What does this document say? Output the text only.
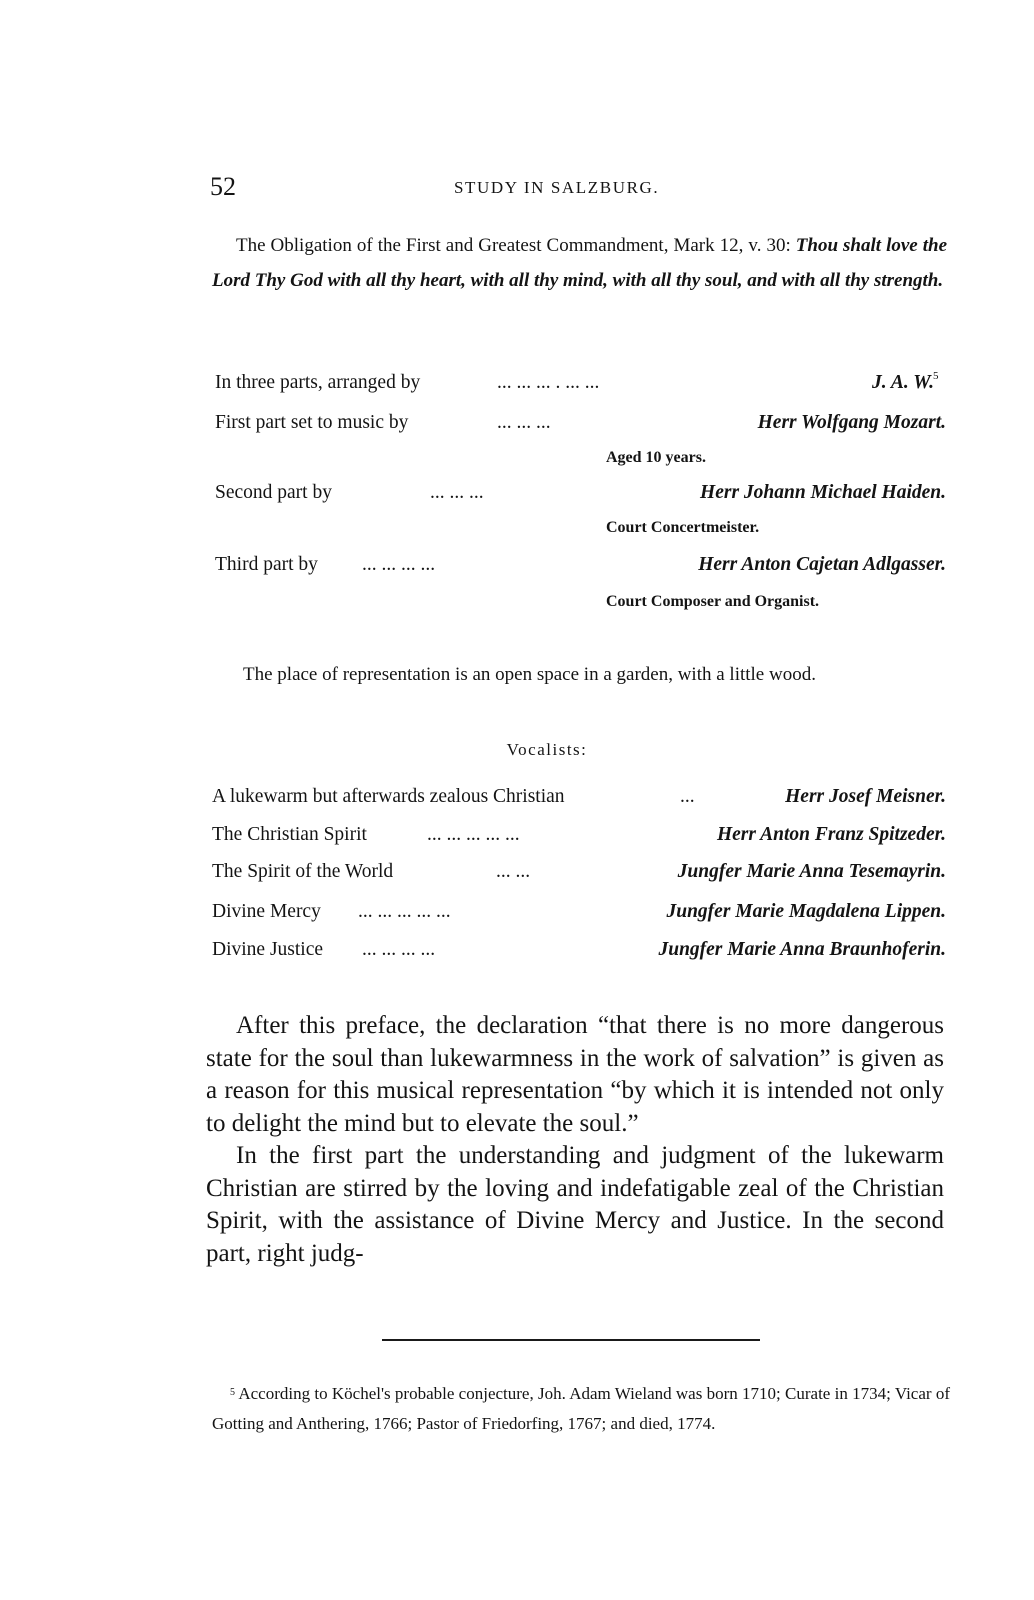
52	STUDY IN SALZBURG.

The Obligation of the First and Greatest Commandment, Mark 12, v. 30: Thou shalt love the Lord Thy God with all thy heart, with all thy mind, with all thy soul, and with all thy strength.

In three parts, arranged by	... ... ... . ... ...	J. A. W. 5
First part set to music by	... ... ...	Herr Wolfgang Mozart.
Aged 10 years.
Second part by	... ... ...	Herr Johann Michael Haiden.
Court Concertmeister.
Third part by ... ... ... ...	Herr Anton Cajetan Adlgasser.
Court Composer and Organist.

The place of representation is an open space in a garden, with a little wood.

Vocalists:
A lukewarm but afterwards zealous Christian	...	Herr Josef Meisner.
The Christian Spirit	... ... ... ... ...	Herr Anton Franz Spitzeder.
The Spirit of the World	... ...	Jungfer Marie Anna Tesemayrin.
Divine Mercy ... ... ... ... ...	Jungfer Marie Magdalena Lippen.
Divine Justice ... ... ... ...	Jungfer Marie Anna Braunhoferin.

After this preface, the declaration “that there is no more dangerous state for the soul than lukewarmness in the work of salvation” is given as a reason for this musical representation “by which it is intended not only to delight the mind but to elevate the soul.”

In the first part the understanding and judgment of the lukewarm Christian are stirred by the loving and indefatigable zeal of the Christian Spirit, with the assistance of Divine Mercy and Justice. In the second part, right judg-

$^5$ According to Köchel's probable conjecture, Joh. Adam Wieland was born 1710; Curate in 1734; Vicar of Gotting and Anthering, 1766; Pastor of Friedorfing, 1767; and died, 1774.
